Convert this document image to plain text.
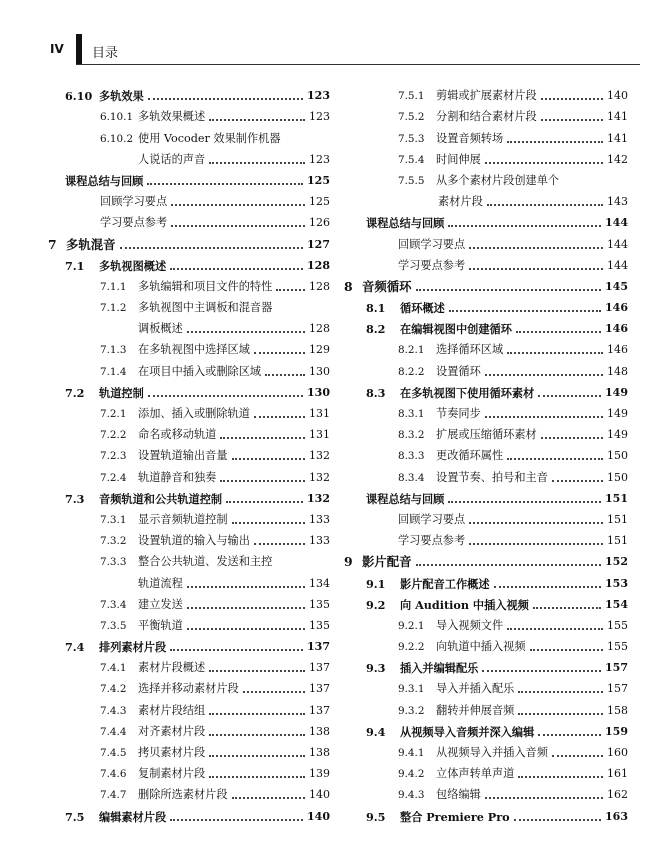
IV 目录
6.10 多轨效果	123
6.10.1 多轨效果概述	123
6.10.2 使用 Vocoder 效果制作机器
人说话的声音	123
课程总结与回顾	125
回顾学习要点	125
学习要点参考	126
7 多轨混音	127
7.1	多轨视图概述	128
7.1.1	多轨编辑和项目文件的特性	128
7.1.2	多轨视图中主调板和混音器
调板概述	128
7.1.3	在多轨视图中选择区域	129
7.1.4	在项目中插入或删除区域	130
7.2	轨道控制	130
7.2.1	添加、插入或删除轨道	131
7.2.2	命名或移动轨道	131
7.2.3	设置轨道输出音量	132
7.2.4	轨道静音和独奏	132
7.3	音频轨道和公共轨道控制	132
7.3.1	显示音频轨道控制	133
7.3.2	设置轨道的输入与输出	133
7.3.3	整合公共轨道、发送和主控
轨道流程	134
7.3.4	建立发送	135
7.3.5	平衡轨道	135
7.4	排列素材片段	137
7.4.1	素材片段概述	137
7.4.2	选择并移动素材片段	137
7.4.3	素材片段结组	137
7.4.4	对齐素材片段	138
7.4.5	拷贝素材片段	138
7.4.6	复制素材片段	139
7.4.7	删除所选素材片段	140
7.5	编辑素材片段	140
7.5.1	剪辑或扩展素材片段	140
7.5.2	分割和结合素材片段	141
7.5.3	设置音频转场	141
7.5.4	时间伸展	142
7.5.5	从多个素材片段创建单个
素材片段	143
课程总结与回顾	144
回顾学习要点	144
学习要点参考	144
8 音频循环	145
8.1	循环概述	146
8.2	在编辑视图中创建循环	146
8.2.1	选择循环区域	146
8.2.2	设置循环	148
8.3	在多轨视图下使用循环素材	149
8.3.1	节奏同步	149
8.3.2	扩展或压缩循环素材	149
8.3.3	更改循环属性	150
8.3.4	设置节奏、拍号和主音	150
课程总结与回顾	151
回顾学习要点	151
学习要点参考	151
9 影片配音	152
9.1	影片配音工作概述	153
9.2	向 Audition 中插入视频	154
9.2.1	导入视频文件	155
9.2.2	向轨道中插入视频	155
9.3	插入并编辑配乐	157
9.3.1	导入并插入配乐	157
9.3.2	翻转并伸展音频	158
9.4	从视频导入音频并深入编辑	159
9.4.1	从视频导入并插入音频	160
9.4.2	立体声转单声道	161
9.4.3	包络编辑	162
9.5	整合 Premiere Pro	163
